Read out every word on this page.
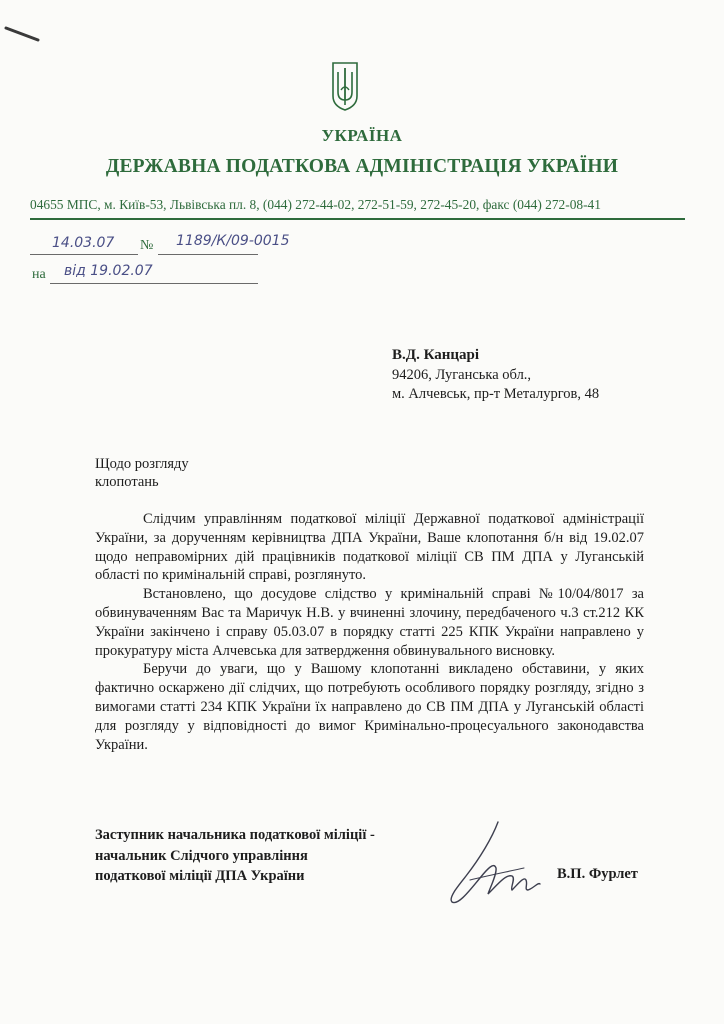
УКРАЇНА
ДЕРЖАВНА ПОДАТКОВА АДМІНІСТРАЦІЯ УКРАЇНИ
04655 МПС, м. Київ-53, Львівська пл. 8, (044) 272-44-02, 272-51-59, 272-45-20, факс (044) 272-08-41
14.03.07 № 1189/К/09-0015
на від 19.02.07
В.Д. Канцарі
94206, Луганська обл.,
м. Алчевськ, пр-т Металургов, 48
Щодо розгляду
клопотань

Слідчим управлінням податкової міліції Державної податкової адміністрації України, за дорученням керівництва ДПА України, Ваше клопотання б/н від 19.02.07 щодо неправомірних дій працівників податкової міліції СВ ПМ ДПА у Луганській області по кримінальній справі, розглянуто.

Встановлено, що досудове слідство у кримінальній справі №10/04/8017 за обвинуваченням Вас та Маричук Н.В. у вчиненні злочину, передбаченого ч.3 ст.212 КК України закінчено і справу 05.03.07 в порядку статті 225 КПК України направлено у прокуратуру міста Алчевська для затвердження обвинувального висновку.

Беручи до уваги, що у Вашому клопотанні викладено обставини, у яких фактично оскаржено дії слідчих, що потребують особливого порядку розгляду, згідно з вимогами статті 234 КПК України їх направлено до СВ ПМ ДПА у Луганській області для розгляду у відповідності до вимог Кримінально-процесуального законодавства України.

Заступник начальника податкової міліції -
начальник Слідчого управління
податкової міліції ДПА України	В.П. Фурлет
